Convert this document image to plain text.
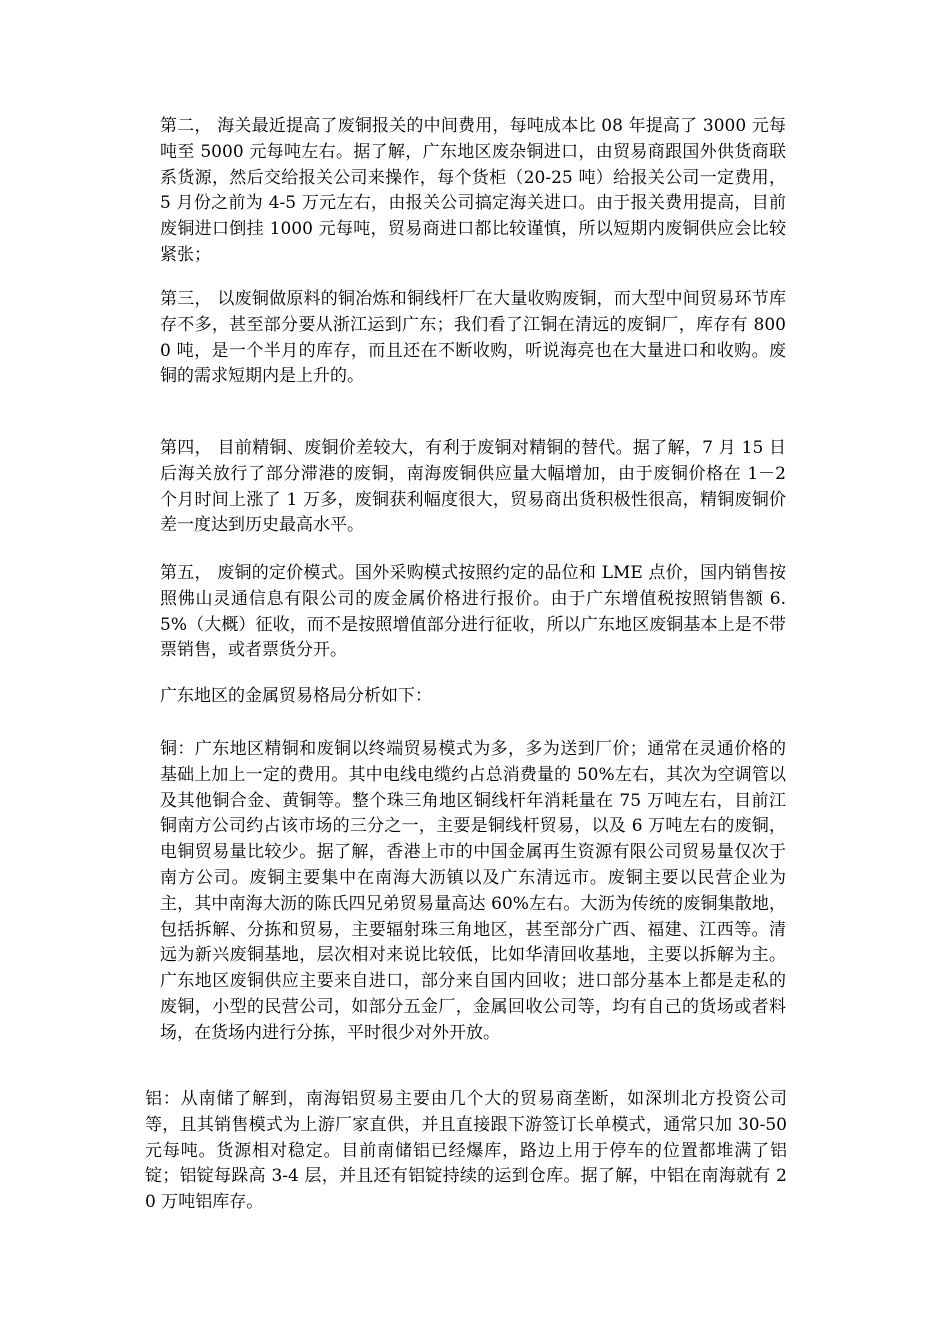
第二， 海关最近提高了废铜报关的中间费用，每吨成本比 08 年提高了 3000 元每吨至 5000 元每吨左右。据了解，广东地区废杂铜进口，由贸易商跟国外供货商联系货源，然后交给报关公司来操作，每个货柜（20-25 吨）给报关公司一定费用，5 月份之前为 4-5 万元左右，由报关公司搞定海关进口。由于报关费用提高，目前废铜进口倒挂 1000 元每吨，贸易商进口都比较谨慎，所以短期内废铜供应会比较紧张；

第三， 以废铜做原料的铜冶炼和铜线杆厂在大量收购废铜，而大型中间贸易环节库存不多，甚至部分要从浙江运到广东；我们看了江铜在清远的废铜厂，库存有 8000 吨，是一个半月的库存，而且还在不断收购，听说海亮也在大量进口和收购。废铜的需求短期内是上升的。

第四， 目前精铜、废铜价差较大，有利于废铜对精铜的替代。据了解，7 月 15 日后海关放行了部分滞港的废铜，南海废铜供应量大幅增加，由于废铜价格在 1－2 个月时间上涨了 1 万多，废铜获利幅度很大，贸易商出货积极性很高，精铜废铜价差一度达到历史最高水平。

第五， 废铜的定价模式。国外采购模式按照约定的品位和 LME 点价，国内销售按照佛山灵通信息有限公司的废金属价格进行报价。由于广东增值税按照销售额 6.5%（大概）征收，而不是按照增值部分进行征收，所以广东地区废铜基本上是不带票销售，或者票货分开。

广东地区的金属贸易格局分析如下：

铜：广东地区精铜和废铜以终端贸易模式为多，多为送到厂价；通常在灵通价格的基础上加上一定的费用。其中电线电缆约占总消费量的 50%左右，其次为空调管以及其他铜合金、黄铜等。整个珠三角地区铜线杆年消耗量在 75 万吨左右，目前江铜南方公司约占该市场的三分之一，主要是铜线杆贸易，以及 6 万吨左右的废铜，电铜贸易量比较少。据了解，香港上市的中国金属再生资源有限公司贸易量仅次于南方公司。废铜主要集中在南海大沥镇以及广东清远市。废铜主要以民营企业为主，其中南海大沥的陈氏四兄弟贸易量高达 60%左右。大沥为传统的废铜集散地，包括拆解、分拣和贸易，主要辐射珠三角地区，甚至部分广西、福建、江西等。清远为新兴废铜基地，层次相对来说比较低，比如华清回收基地，主要以拆解为主。广东地区废铜供应主要来自进口，部分来自国内回收；进口部分基本上都是走私的废铜，小型的民营公司，如部分五金厂，金属回收公司等，均有自己的货场或者料场，在货场内进行分拣，平时很少对外开放。

铝：从南储了解到，南海铝贸易主要由几个大的贸易商垄断，如深圳北方投资公司等，且其销售模式为上游厂家直供，并且直接跟下游签订长单模式，通常只加 30-50 元每吨。货源相对稳定。目前南储铝已经爆库，路边上用于停车的位置都堆满了铝锭；铝锭每跺高 3-4 层，并且还有铝锭持续的运到仓库。据了解，中铝在南海就有 20 万吨铝库存。
